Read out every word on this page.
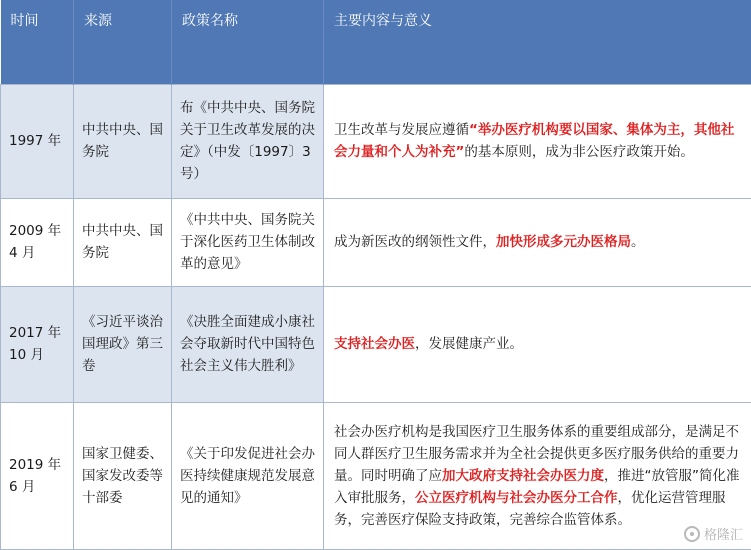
时间	来源	政策名称	主要内容与意义
1997 年	中共中央、国务院	布《中共中央、国务院关于卫生改革发展的决定》（中发〔1997〕3 号）	卫生改革与发展应遵循“举办医疗机构要以国家、集体为主，其他社会力量和个人为补充”的基本原则，成为非公医疗政策开始。
2009 年 4 月	中共中央、国务院	《中共中央、国务院关于深化医药卫生体制改革的意见》	成为新医改的纲领性文件，加快形成多元办医格局。
2017 年 10 月	《习近平谈治国理政》第三卷	《决胜全面建成小康社会夺取新时代中国特色社会主义伟大胜利》	支持社会办医，发展健康产业。
2019 年 6 月	国家卫健委、国家发改委等十部委	《关于印发促进社会办医持续健康规范发展意见的通知》	社会办医疗机构是我国医疗卫生服务体系的重要组成部分，是满足不同人群医疗卫生服务需求并为全社会提供更多医疗服务供给的重要力量。同时明确了应加大政府支持社会办医力度，推进“放管服”简化准入审批服务，公立医疗机构与社会办医分工合作，优化运营管理服务，完善医疗保险支持政策，完善综合监管体系。
格隆汇
